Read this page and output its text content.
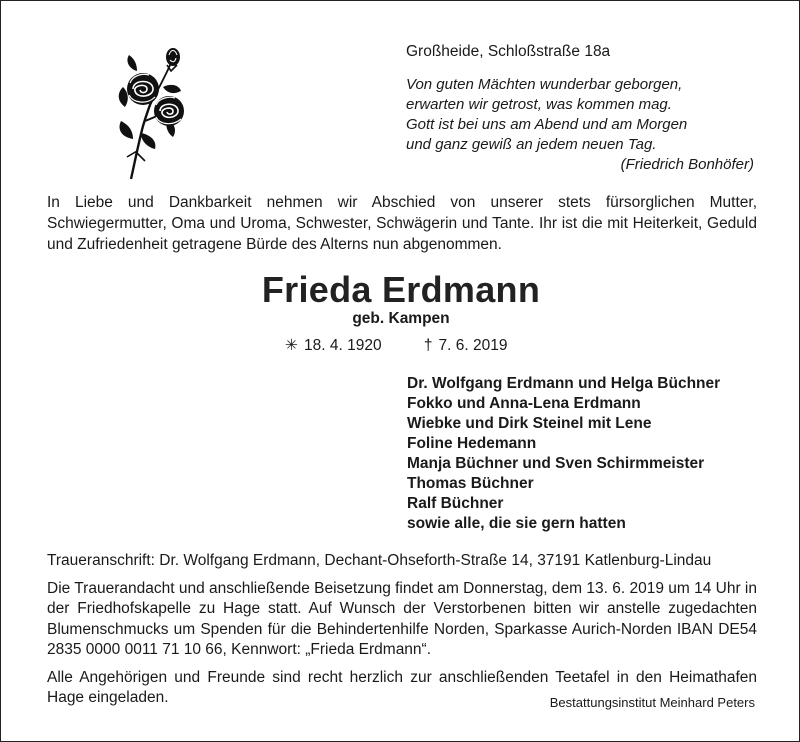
Großheide, Schloßstraße 18a
Von guten Mächten wunderbar geborgen,
erwarten wir getrost, was kommen mag.
Gott ist bei uns am Abend und am Morgen
und ganz gewiß an jedem neuen Tag.
(Friedrich Bonhöfer)
In Liebe und Dankbarkeit nehmen wir Abschied von unserer stets fürsorglichen Mutter, Schwiegermutter, Oma und Uroma, Schwester, Schwägerin und Tante. Ihr ist die mit Heiterkeit, Geduld und Zufriedenheit getragene Bürde des Alterns nun abgenommen.
Frieda Erdmann
geb. Kampen
✳ 18. 4. 1920	† 7. 6. 2019
Dr. Wolfgang Erdmann und Helga Büchner
Fokko und Anna-Lena Erdmann
Wiebke und Dirk Steinel mit Lene
Foline Hedemann
Manja Büchner und Sven Schirmmeister
Thomas Büchner
Ralf Büchner
sowie alle, die sie gern hatten

Traueranschrift: Dr. Wolfgang Erdmann, Dechant-Ohseforth-Straße 14, 37191 Katlenburg-Lindau

Die Trauerandacht und anschließende Beisetzung findet am Donnerstag, dem 13. 6. 2019 um 14 Uhr in der Friedhofskapelle zu Hage statt. Auf Wunsch der Verstorbenen bitten wir anstelle zugedachten Blumenschmucks um Spenden für die Behindertenhilfe Norden, Sparkasse Aurich-Norden IBAN DE54 2835 0000 0011 71 10 66, Kennwort: „Frieda Erdmann“.

Alle Angehörigen und Freunde sind recht herzlich zur anschließenden Teetafel in den Heimathafen Hage eingeladen.	Bestattungsinstitut Meinhard Peters
